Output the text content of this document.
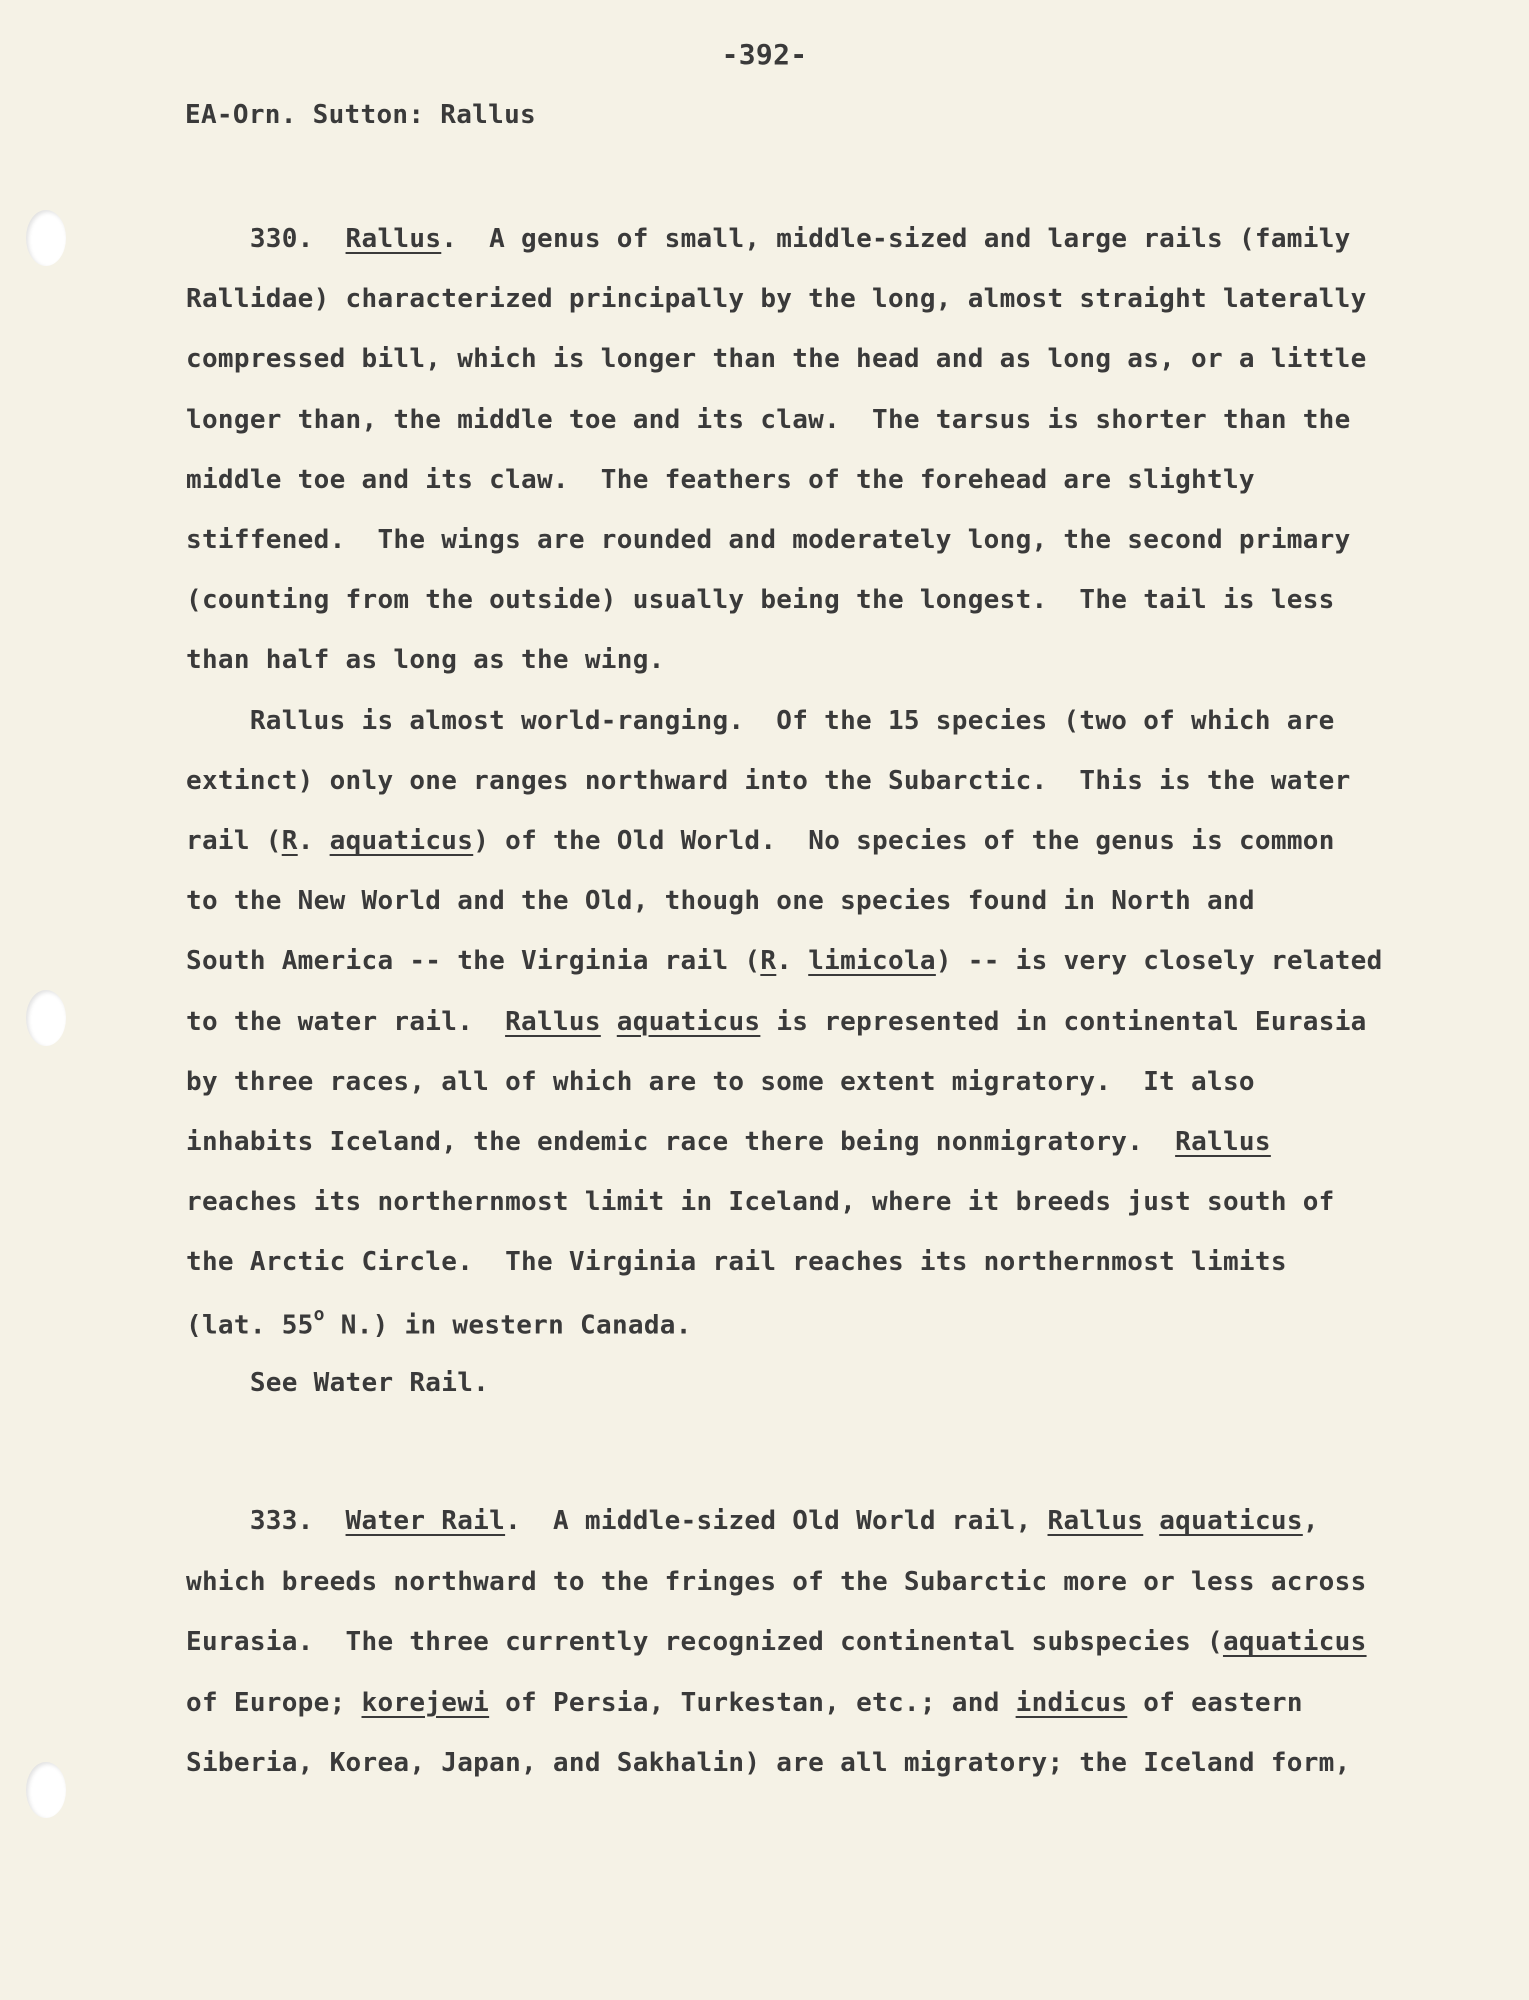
-392-
EA-Orn. Sutton: Rallus
330.  Rallus.  A genus of small, middle-sized and large rails (family
Rallidae) characterized principally by the long, almost straight laterally
compressed bill, which is longer than the head and as long as, or a little
longer than, the middle toe and its claw.  The tarsus is shorter than the
middle toe and its claw.  The feathers of the forehead are slightly
stiffened.  The wings are rounded and moderately long, the second primary
(counting from the outside) usually being the longest.  The tail is less
than half as long as the wing.
Rallus is almost world-ranging.  Of the 15 species (two of which are
extinct) only one ranges northward into the Subarctic.  This is the water
rail (R. aquaticus) of the Old World.  No species of the genus is common
to the New World and the Old, though one species found in North and
South America -- the Virginia rail (R. limicola) -- is very closely related
to the water rail.  Rallus aquaticus is represented in continental Eurasia
by three races, all of which are to some extent migratory.  It also
inhabits Iceland, the endemic race there being nonmigratory.  Rallus
reaches its northernmost limit in Iceland, where it breeds just south of
the Arctic Circle.  The Virginia rail reaches its northernmost limits
(lat. 55$^o$ N.) in western Canada.
See Water Rail.
333.  Water Rail.  A middle-sized Old World rail, Rallus aquaticus,
which breeds northward to the fringes of the Subarctic more or less across
Eurasia.  The three currently recognized continental subspecies (aquaticus
of Europe; korejewi of Persia, Turkestan, etc.; and indicus of eastern
Siberia, Korea, Japan, and Sakhalin) are all migratory; the Iceland form,
